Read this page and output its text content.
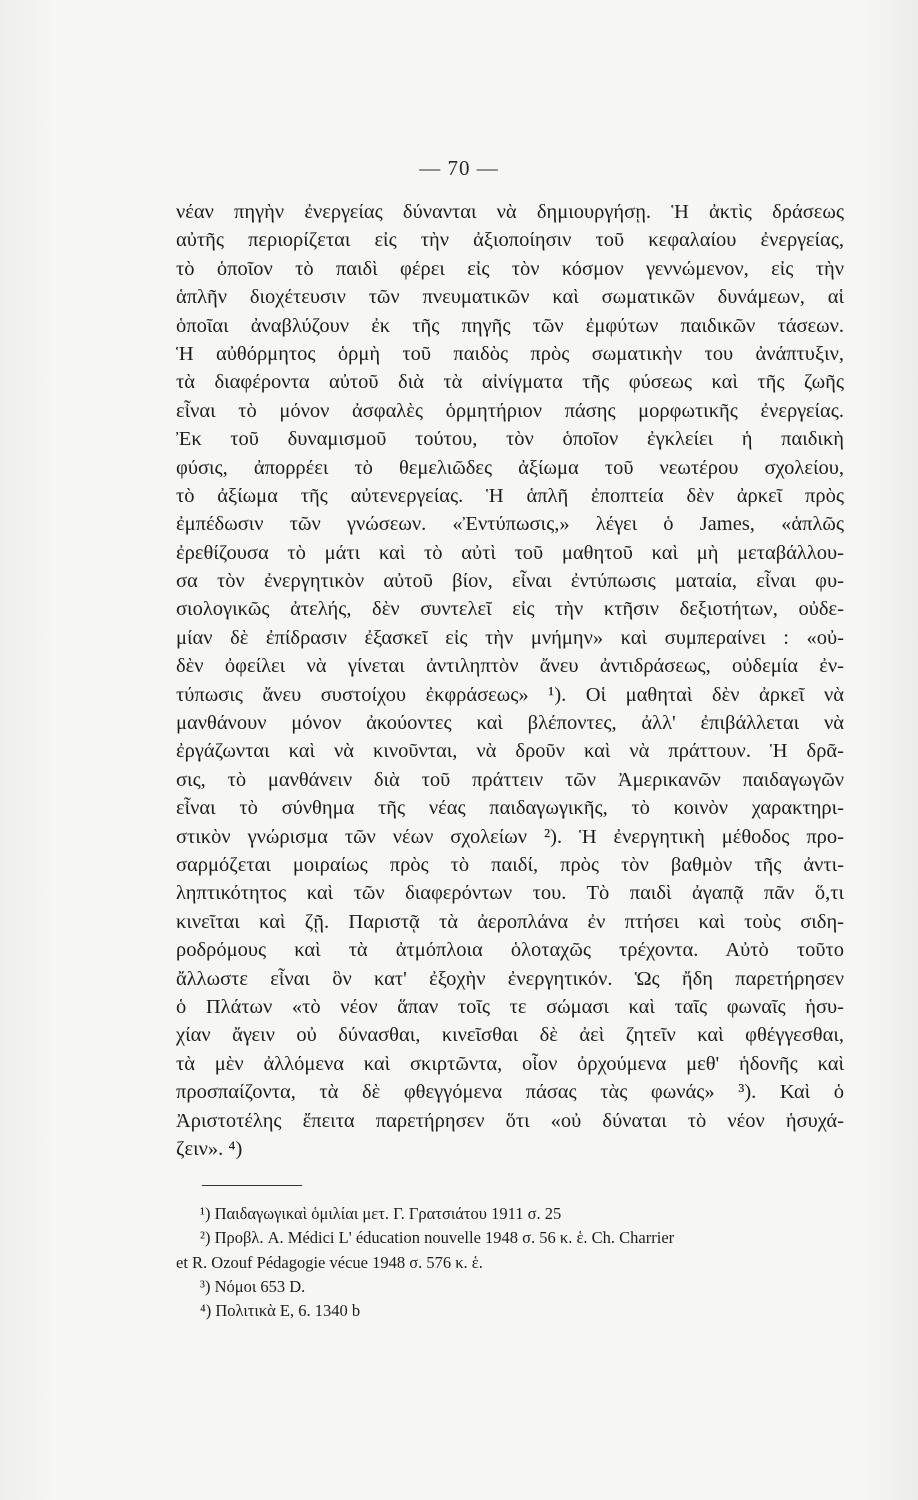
— 70 —
νέαν πηγὴν ἐνεργείας δύνανται νὰ δημιουργήσῃ. Ἡ ἀκτὶς δράσεως
αὐτῆς περιορίζεται εἰς τὴν ἀξιοποίησιν τοῦ κεφαλαίου ἐνεργείας,
τὸ ὁποῖον τὸ παιδὶ φέρει εἰς τὸν κόσμον γεννώμενον, εἰς τὴν
ἁπλῆν διοχέτευσιν τῶν πνευματικῶν καὶ σωματικῶν δυνάμεων, αἱ
ὁποῖαι ἀναβλύζουν ἐκ τῆς πηγῆς τῶν ἐμφύτων παιδικῶν τάσεων.
Ἡ αὐθόρμητος ὁρμὴ τοῦ παιδὸς πρὸς σωματικὴν του ἀνάπτυξιν,
τὰ διαφέροντα αὐτοῦ διὰ τὰ αἰνίγματα τῆς φύσεως καὶ τῆς ζωῆς
εἶναι τὸ μόνον ἀσφαλὲς ὁρμητήριον πάσης μορφωτικῆς ἐνεργείας.
Ἐκ τοῦ δυναμισμοῦ τούτου, τὸν ὁποῖον ἐγκλείει ἡ παιδικὴ
φύσις, ἀπορρέει τὸ θεμελιῶδες ἀξίωμα τοῦ νεωτέρου σχολείου,
τὸ ἀξίωμα τῆς αὐτενεργείας. Ἡ ἁπλῆ ἐποπτεία δὲν ἀρκεῖ πρὸς
ἐμπέδωσιν τῶν γνώσεων. «Ἐντύπωσις,» λέγει ὁ James, «ἁπλῶς
ἐρεθίζουσα τὸ μάτι καὶ τὸ αὐτὶ τοῦ μαθητοῦ καὶ μὴ μεταβάλλου-
σα τὸν ἐνεργητικὸν αὐτοῦ βίον, εἶναι ἐντύπωσις ματαία, εἶναι φυ-
σιολογικῶς ἀτελής, δὲν συντελεῖ εἰς τὴν κτῆσιν δεξιοτήτων, οὐδε-
μίαν δὲ ἐπίδρασιν ἐξασκεῖ εἰς τὴν μνήμην» καὶ συμπεραίνει : «οὐ-
δὲν ὀφείλει νὰ γίνεται ἀντιληπτὸν ἄνευ ἀντιδράσεως, οὐδεμία ἐν-
τύπωσις ἄνευ συστοίχου ἐκφράσεως» ¹). Οἱ μαθηταὶ δὲν ἀρκεῖ νὰ
μανθάνουν μόνον ἀκούοντες καὶ βλέποντες, ἀλλ' ἐπιβάλλεται νὰ
ἐργάζωνται καὶ νὰ κινοῦνται, νὰ δροῦν καὶ νὰ πράττουν. Ἡ δρᾶ-
σις, τὸ μανθάνειν διὰ τοῦ πράττειν τῶν Ἀμερικανῶν παιδαγωγῶν
εἶναι τὸ σύνθημα τῆς νέας παιδαγωγικῆς, τὸ κοινὸν χαρακτηρι-
στικὸν γνώρισμα τῶν νέων σχολείων ²). Ἡ ἐνεργητικὴ μέθοδος προ-
σαρμόζεται μοιραίως πρὸς τὸ παιδί, πρὸς τὸν βαθμὸν τῆς ἀντι-
ληπτικότητος καὶ τῶν διαφερόντων του. Τὸ παιδὶ ἀγαπᾷ πᾶν ὅ,τι
κινεῖται καὶ ζῇ. Παριστᾷ τὰ ἀεροπλάνα ἐν πτήσει καὶ τοὺς σιδη-
ροδρόμους καὶ τὰ ἀτμόπλοια ὁλοταχῶς τρέχοντα. Αὐτὸ τοῦτο
ἄλλωστε εἶναι ὃν κατ' ἐξοχὴν ἐνεργητικόν. Ὡς ἤδη παρετήρησεν
ὁ Πλάτων «τὸ νέον ἅπαν τοῖς τε σώμασι καὶ ταῖς φωναῖς ἡσυ-
χίαν ἄγειν οὐ δύνασθαι, κινεῖσθαι δὲ ἀεὶ ζητεῖν καὶ φθέγγεσθαι,
τὰ μὲν ἀλλόμενα καὶ σκιρτῶντα, οἷον ὀρχούμενα μεθ' ἡδονῆς καὶ
προσπαίζοντα, τὰ δὲ φθεγγόμενα πάσας τὰς φωνάς» ³). Καὶ ὁ
Ἀριστοτέλης ἔπειτα παρετήρησεν ὅτι «οὐ δύναται τὸ νέον ἡσυχά-
ζειν». ⁴)
¹) Παιδαγωγικαὶ ὁμιλίαι μετ. Γ. Γρατσιάτου 1911 σ. 25
²) Προβλ. A. Médici L' éducation nouvelle 1948 σ. 56 κ. ἑ. Ch. Charrier
et R. Ozouf Pédagogie vécue 1948 σ. 576 κ. ἑ.
³) Νόμοι 653 D.
⁴) Πολιτικὰ Ε, 6. 1340 b
